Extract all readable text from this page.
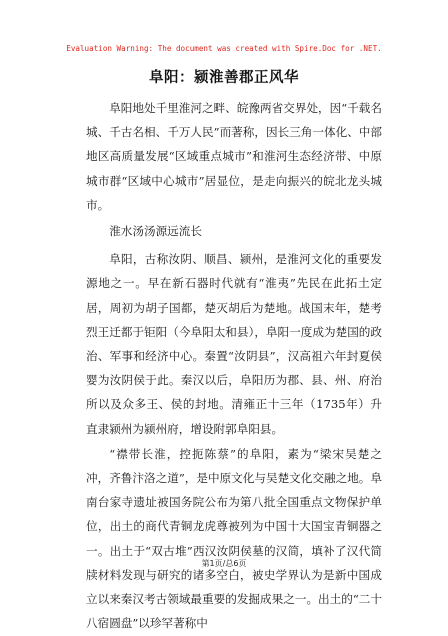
Evaluation Warning: The document was created with Spire.Doc for .NET.
阜阳：颍淮善郡正风华

阜阳地处千里淮河之畔、皖豫两省交界处，因“千载名城、千古名相、千万人民”而著称，因长三角一体化、中部地区高质量发展“区域重点城市”和淮河生态经济带、中原城市群“区域中心城市”居显位，是走向振兴的皖北龙头城市。

淮水汤汤源远流长

阜阳，古称汝阴、顺昌、颍州，是淮河文化的重要发源地之一。早在新石器时代就有“淮夷”先民在此拓土定居，周初为胡子国都，楚灭胡后为楚地。战国末年，楚考烈王迁都于钜阳（今阜阳太和县），阜阳一度成为楚国的政治、军事和经济中心。秦置“汝阴县”，汉高祖六年封夏侯婴为汝阴侯于此。秦汉以后，阜阳历为郡、县、州、府治所以及众多王、侯的封地。清雍正十三年（1735年）升直隶颍州为颍州府，增设附郭阜阳县。

“襟带长淮，控扼陈蔡”的阜阳，素为“梁宋吴楚之冲，齐鲁汴洛之道”，是中原文化与吴楚文化交融之地。阜南台家寺遗址被国务院公布为第八批全国重点文物保护单位，出土的商代青铜龙虎尊被列为中国十大国宝青铜器之一。出土于“双古堆”西汉汝阴侯墓的汉简，填补了汉代简牍材料发现与研究的诸多空白，被史学界认为是新中国成立以来秦汉考古领域最重要的发掘成果之一。出土的“二十八宿圆盘”以珍罕著称中

第1页/总6页
